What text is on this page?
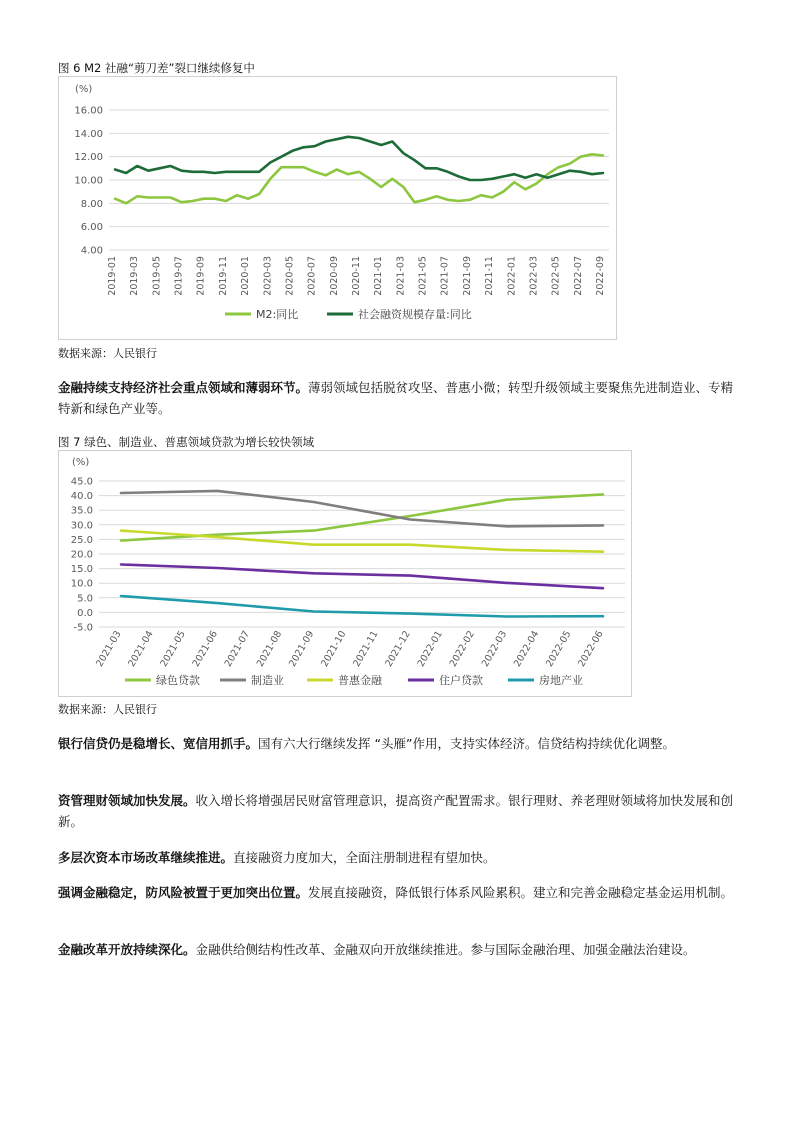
图 6 M2 社融“剪刀差”裂口继续修复中
(%)
4.00
6.00
8.00
10.00
12.00
14.00
16.00
2019-01 2019-03 2019-05 2019-07 2019-09 2019-11 2020-01 2020-03 2020-05 2020-07 2020-09 2020-11 2021-01 2021-03 2021-05 2021-07 2021-09 2021-11 2022-01 2022-03 2022-05 2022-07 2022-09
M2:同比	社会融资规模存量:同比
数据来源：人民银行
金融持续支持经济社会重点领域和薄弱环节。薄弱领域包括脱贫攻坚、普惠小微；转型升级领域主要聚焦先进制造业、专精特新和绿色产业等。
图 7 绿色、制造业、普惠领域贷款为增长较快领域
(%)
-5.0
0.0
5.0
10.0
15.0
20.0
25.0
30.0
35.0
40.0
45.0
2021-03 2021-04 2021-05 2021-06 2021-07 2021-08 2021-09 2021-10 2021-11 2021-12 2022-01 2022-02 2022-03 2022-04 2022-05 2022-06
绿色贷款	制造业	普惠金融	住户贷款	房地产业
数据来源：人民银行
银行信贷仍是稳增长、宽信用抓手。国有六大行继续发挥 “头雁”作用，支持实体经济。信贷结构持续优化调整。
资管理财领域加快发展。收入增长将增强居民财富管理意识，提高资产配置需求。银行理财、养老理财领域将加快发展和创新。
多层次资本市场改革继续推进。直接融资力度加大，全面注册制进程有望加快。
强调金融稳定，防风险被置于更加突出位置。发展直接融资，降低银行体系风险累积。建立和完善金融稳定基金运用机制。
金融改革开放持续深化。金融供给侧结构性改革、金融双向开放继续推进。参与国际金融治理、加强金融法治建设。
